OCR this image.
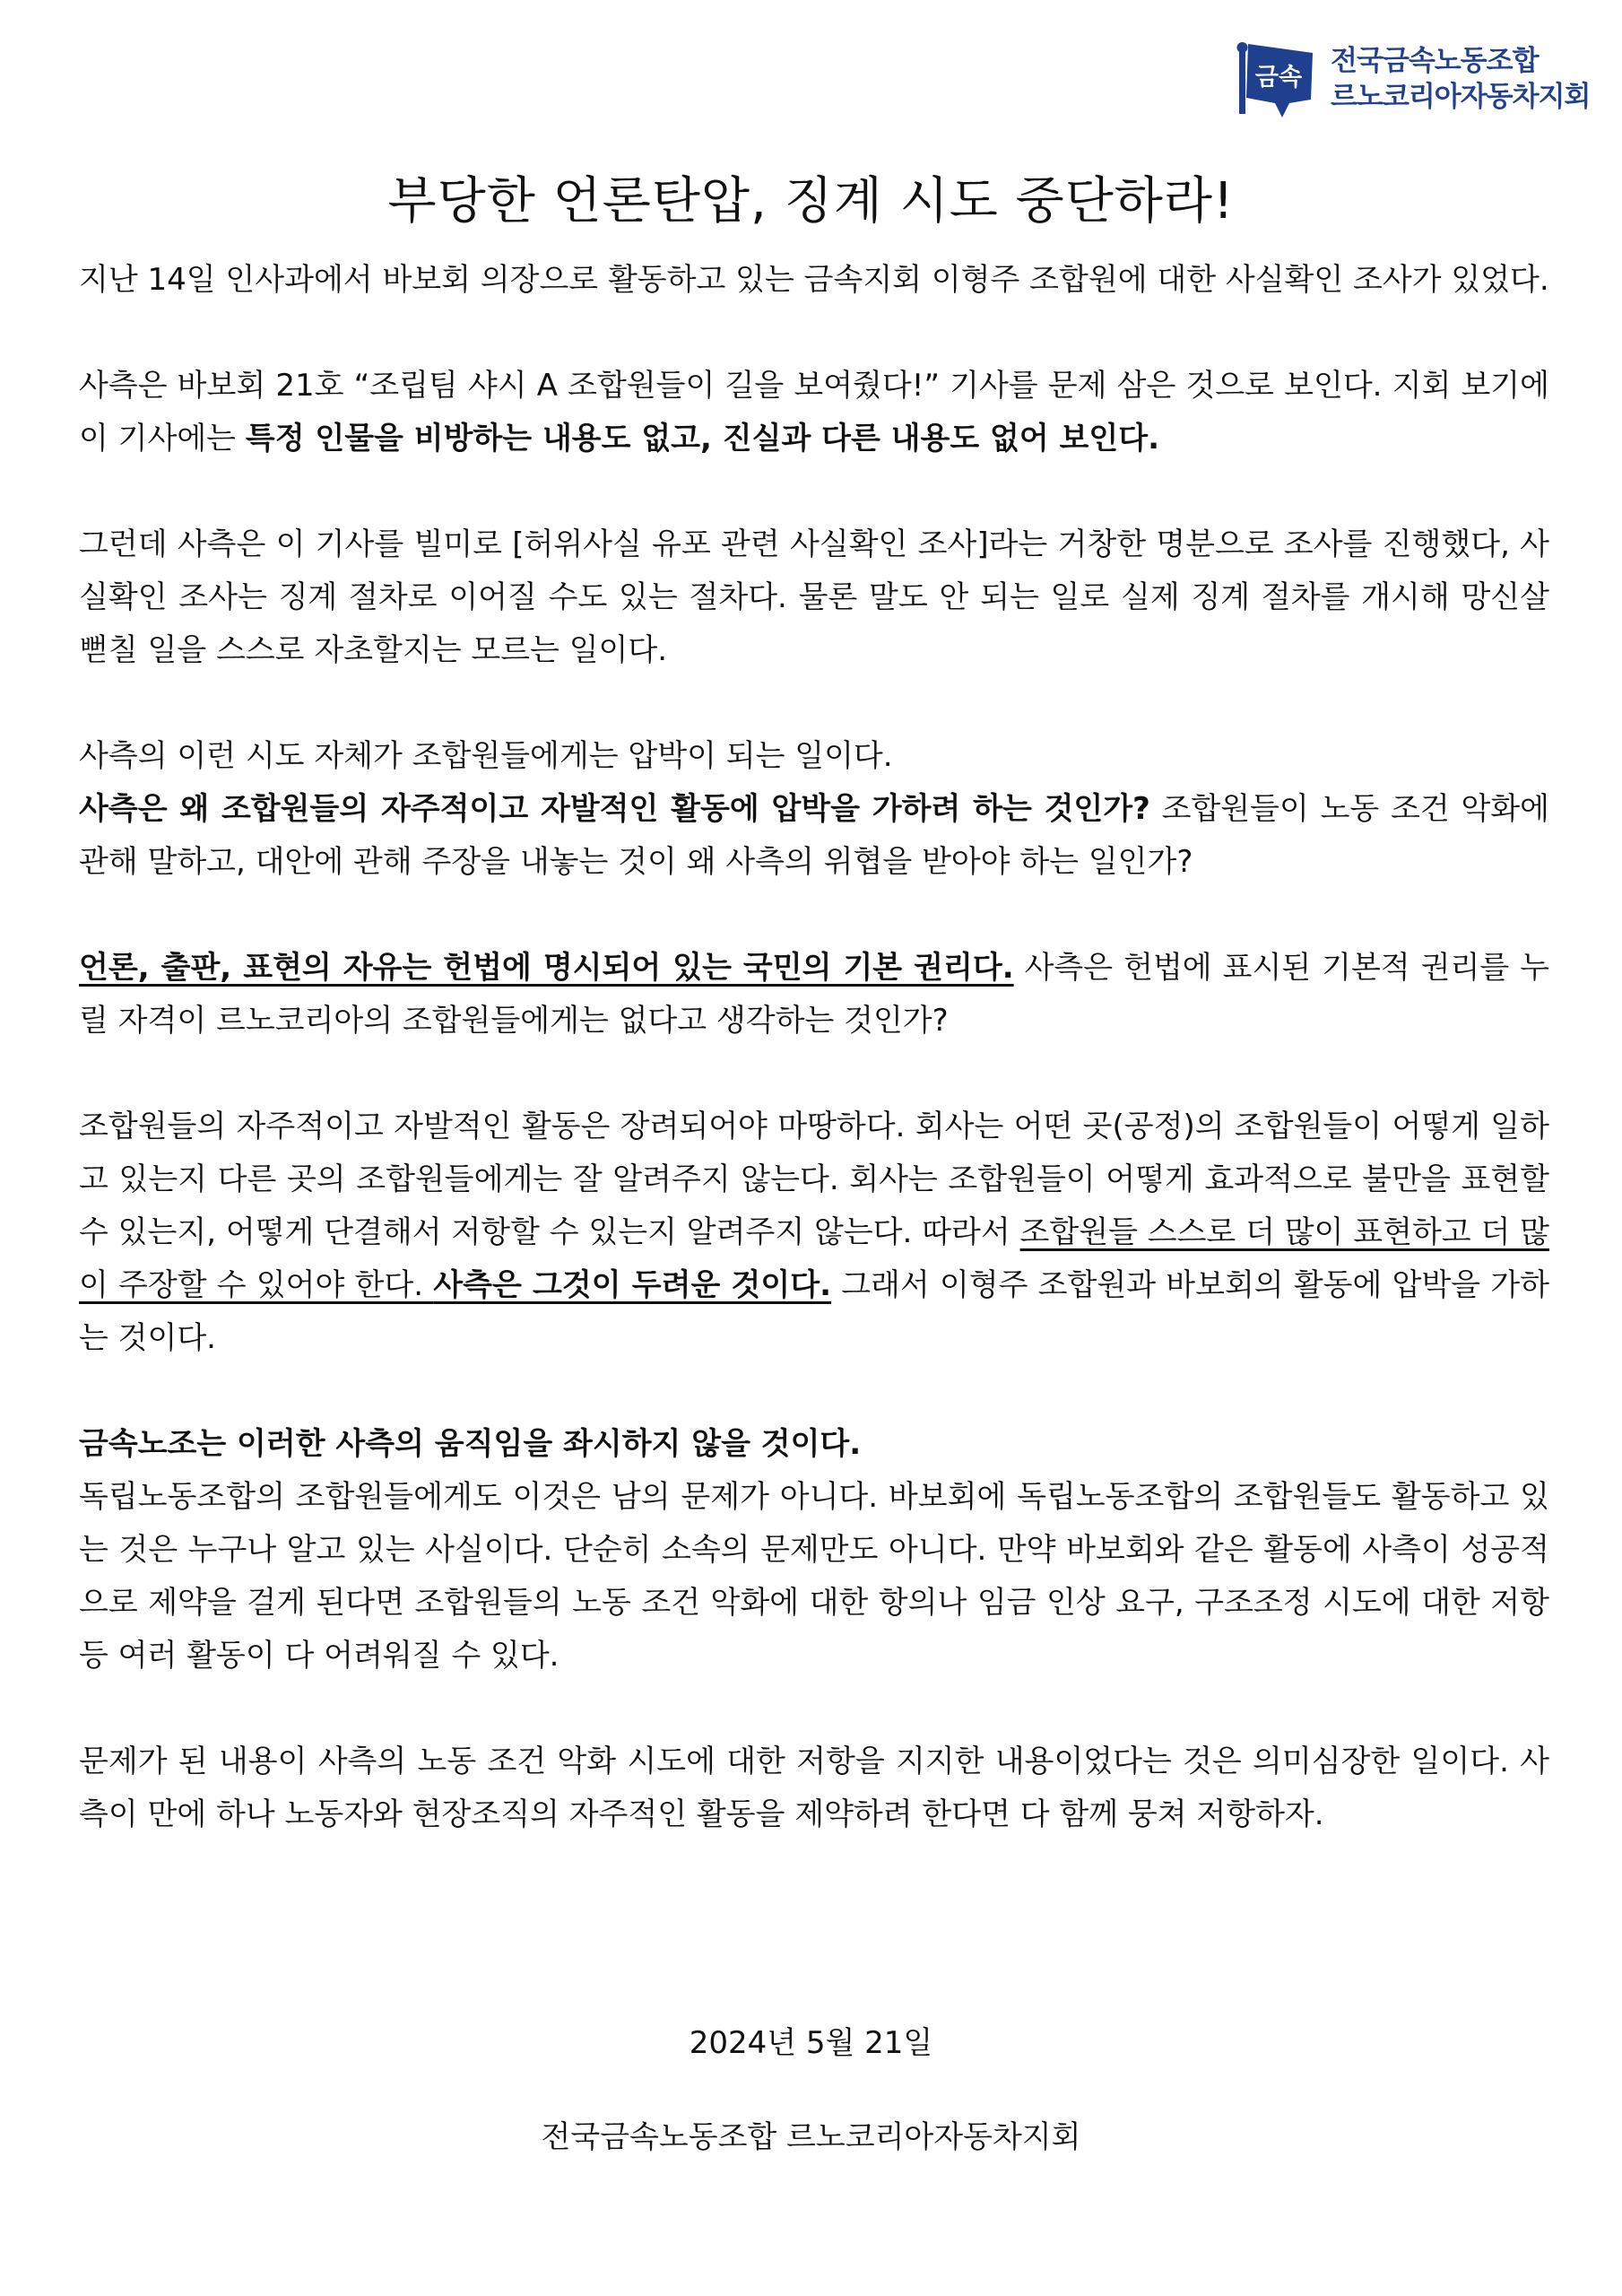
금속
전국금속노동조합
르노코리아자동차지회
부당한 언론탄압, 징계 시도 중단하라!

지난 14일 인사과에서 바보회 의장으로 활동하고 있는 금속지회 이형주 조합원에 대한 사실확인 조사가 있었다.

사측은 바보회 21호 “조립팀 샤시 A 조합원들이 길을 보여줬다!” 기사를 문제 삼은 것으로 보인다. 지회 보기에 이 기사에는 특정 인물을 비방하는 내용도 없고, 진실과 다른 내용도 없어 보인다.

그런데 사측은 이 기사를 빌미로 [허위사실 유포 관련 사실확인 조사]라는 거창한 명분으로 조사를 진행했다, 사실확인 조사는 징계 절차로 이어질 수도 있는 절차다. 물론 말도 안 되는 일로 실제 징계 절차를 개시해 망신살 뻗칠 일을 스스로 자초할지는 모르는 일이다.

사측의 이런 시도 자체가 조합원들에게는 압박이 되는 일이다.
사측은 왜 조합원들의 자주적이고 자발적인 활동에 압박을 가하려 하는 것인가? 조합원들이 노동 조건 악화에 관해 말하고, 대안에 관해 주장을 내놓는 것이 왜 사측의 위협을 받아야 하는 일인가?

언론, 출판, 표현의 자유는 헌법에 명시되어 있는 국민의 기본 권리다. 사측은 헌법에 표시된 기본적 권리를 누릴 자격이 르노코리아의 조합원들에게는 없다고 생각하는 것인가?

조합원들의 자주적이고 자발적인 활동은 장려되어야 마땅하다. 회사는 어떤 곳(공정)의 조합원들이 어떻게 일하고 있는지 다른 곳의 조합원들에게는 잘 알려주지 않는다. 회사는 조합원들이 어떻게 효과적으로 불만을 표현할 수 있는지, 어떻게 단결해서 저항할 수 있는지 알려주지 않는다. 따라서 조합원들 스스로 더 많이 표현하고 더 많이 주장할 수 있어야 한다. 사측은 그것이 두려운 것이다. 그래서 이형주 조합원과 바보회의 활동에 압박을 가하는 것이다.

금속노조는 이러한 사측의 움직임을 좌시하지 않을 것이다.
독립노동조합의 조합원들에게도 이것은 남의 문제가 아니다. 바보회에 독립노동조합의 조합원들도 활동하고 있는 것은 누구나 알고 있는 사실이다. 단순히 소속의 문제만도 아니다. 만약 바보회와 같은 활동에 사측이 성공적으로 제약을 걸게 된다면 조합원들의 노동 조건 악화에 대한 항의나 임금 인상 요구, 구조조정 시도에 대한 저항 등 여러 활동이 다 어려워질 수 있다.

문제가 된 내용이 사측의 노동 조건 악화 시도에 대한 저항을 지지한 내용이었다는 것은 의미심장한 일이다. 사측이 만에 하나 노동자와 현장조직의 자주적인 활동을 제약하려 한다면 다 함께 뭉쳐 저항하자.

2024년 5월 21일
전국금속노동조합 르노코리아자동차지회
